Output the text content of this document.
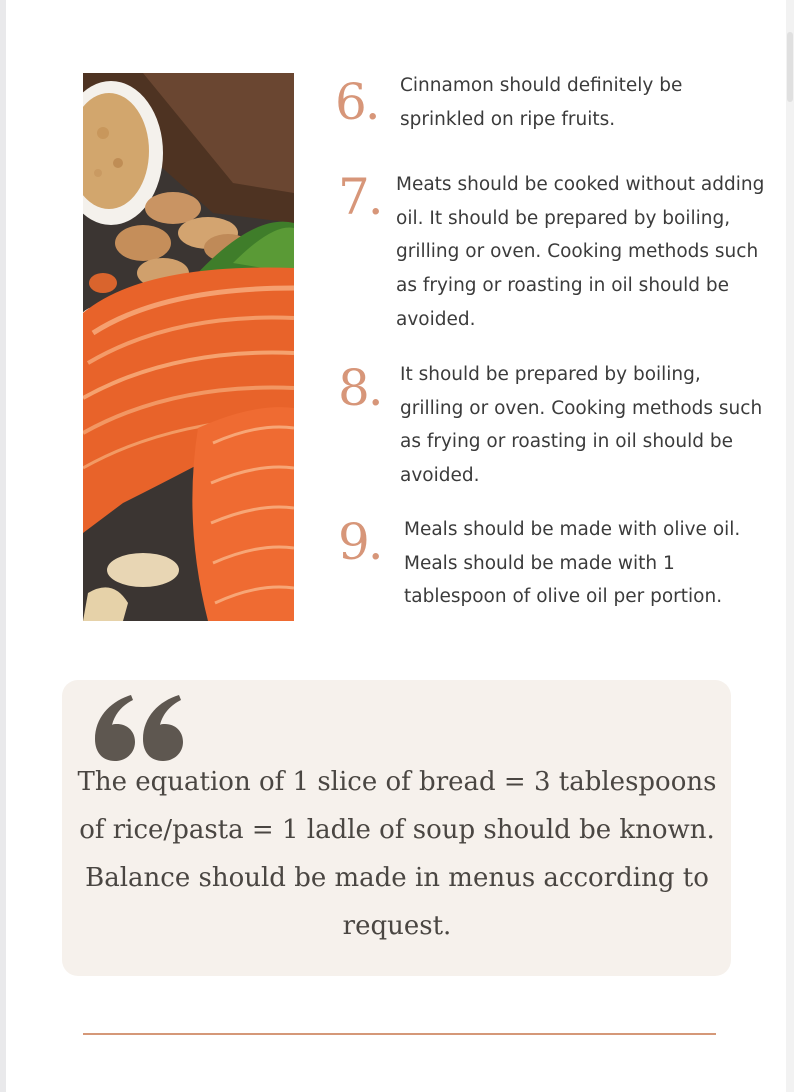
6. Cinnamon should definitely be sprinkled on ripe fruits.
7. Meats should be cooked without adding oil. It should be prepared by boiling, grilling or oven. Cooking methods such as frying or roasting in oil should be avoided.
8. It should be prepared by boiling, grilling or oven. Cooking methods such as frying or roasting in oil should be avoided.
9. Meals should be made with olive oil. Meals should be made with 1 tablespoon of olive oil per portion.
The equation of 1 slice of bread = 3 tablespoons of rice/pasta = 1 ladle of soup should be known. Balance should be made in menus according to request.
